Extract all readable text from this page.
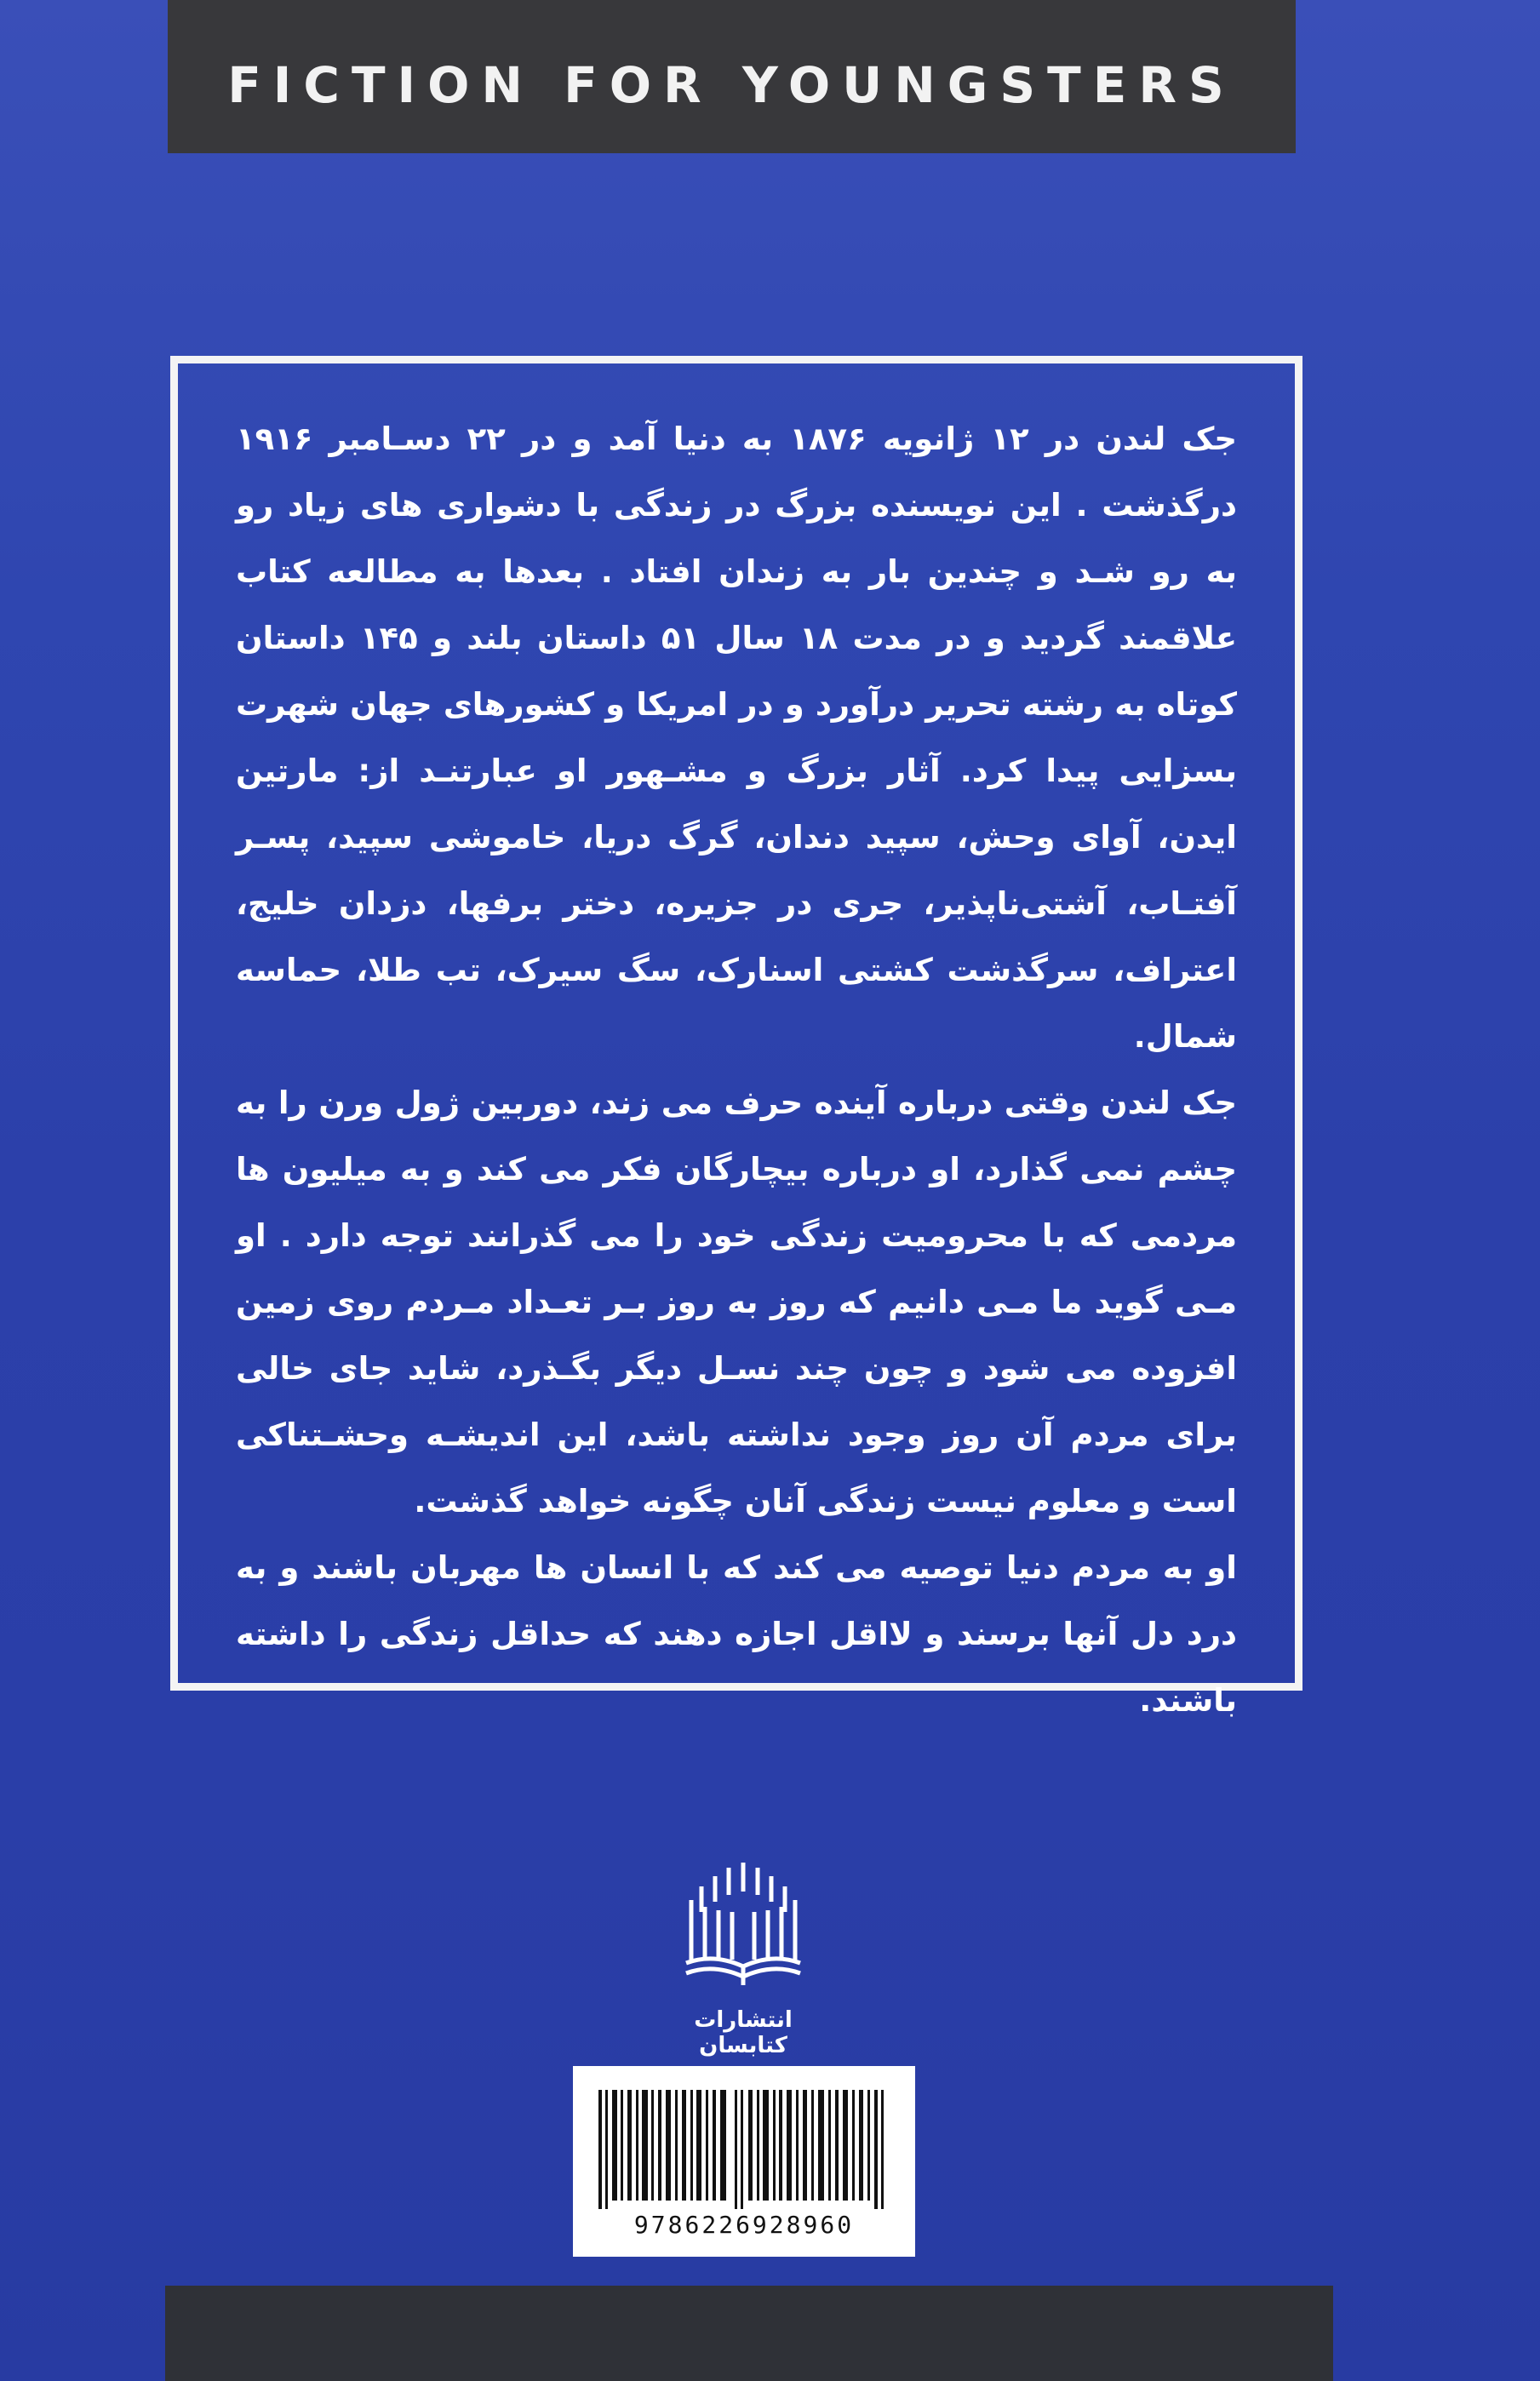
FICTION FOR YOUNGSTERS

جک لندن در ۱۲ ژانویه ۱۸۷۶ به دنیا آمد و در ۲۲ دسـامبر ۱۹۱۶ درگذشت . این نویسنده بزرگ در زندگی با دشواری های زیاد رو به رو شـد و چندین بار به زندان افتاد . بعدها به مطالعه کتاب علاقمند گردید و در مدت ۱۸ سال ۵۱ داستان بلند و ۱۴۵ داستان کوتاه به رشته تحریر درآورد و در امریکا و کشورهای جهان شهرت بسزایی پیدا کرد. آثار بزرگ و مشـهور او عبارتنـد از: مارتین ایدن، آوای وحش، سپید دندان، گرگ دریا، خاموشی سپید، پسـر آفتـاب، آشتی‌ناپذیر، جری در جزیره، دختر برفها، دزدان خلیج، اعتراف، سرگذشت کشتی اسنارک، سگ سیرک، تب طلا، حماسه شمال.

جک لندن وقتی درباره آینده حرف می زند، دوربین ژول ورن را به چشم نمی گذارد، او درباره بیچارگان فکر می کند و به میلیون ها مردمی که با محرومیت زندگی خود را می گذرانند توجه دارد . او مـی گوید ما مـی دانیم که روز به روز بـر تعـداد مـردم روی زمین افزوده می شود و چون چند نسـل دیگر بگـذرد، شاید جای خالی برای مردم آن روز وجود نداشته باشد، این اندیشـه وحشـتناکی است و معلوم نیست زندگی آنان چگونه خواهد گذشت.

او به مردم دنیا توصیه می کند که با انسان ها مهربان باشند و به درد دل آنها برسند و لااقل اجازه دهند که حداقل زندگی را داشته باشند.

انتشارات کتابسان
9786226928960
